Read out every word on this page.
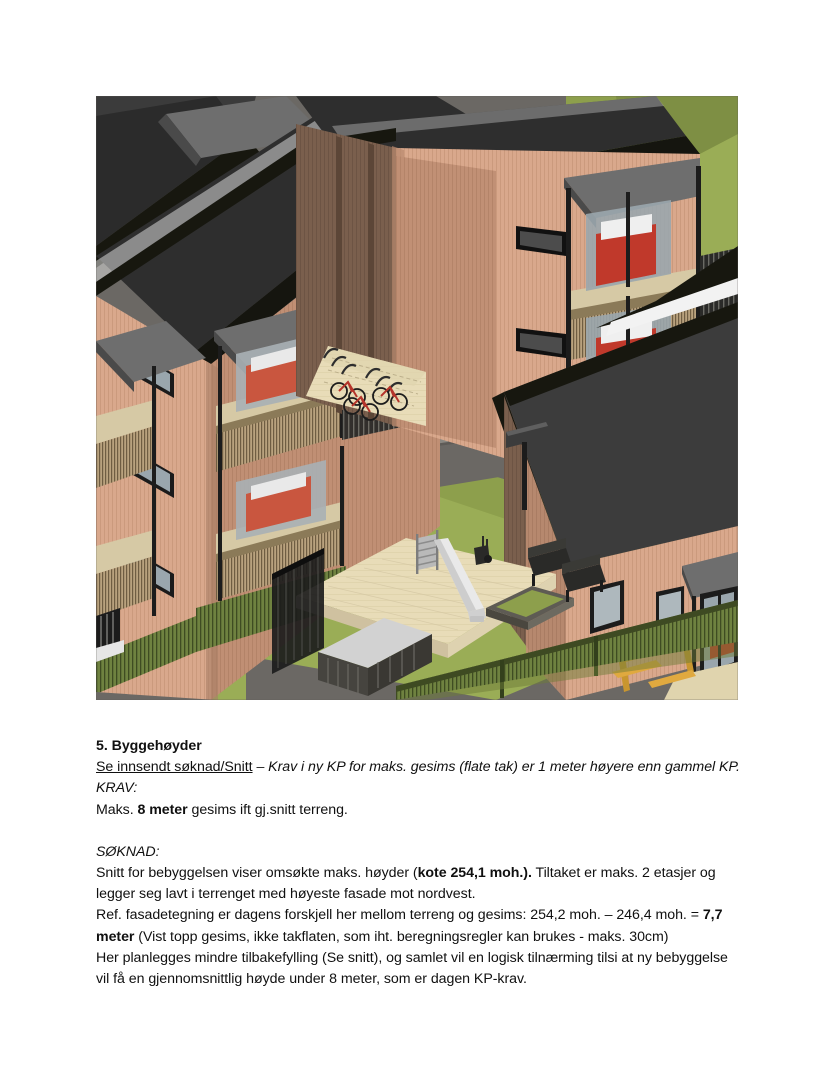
5. Byggehøyder

Se innsendt søknad/Snitt – Krav i ny KP for maks. gesims (flate tak) er 1 meter høyere enn gammel KP.

KRAV:

Maks. 8 meter gesims ift gj.snitt terreng.

SØKNAD:

Snitt for bebyggelsen viser omsøkte maks. høyder (kote 254,1 moh.). Tiltaket er maks. 2 etasjer og legger seg lavt i terrenget med høyeste fasade mot nordvest.

Ref. fasadetegning er dagens forskjell her mellom terreng og gesims: 254,2 moh. – 246,4 moh. = 7,7 meter (Vist topp gesims, ikke takflaten, som iht. beregningsregler kan brukes - maks. 30cm)

Her planlegges mindre tilbakefylling (Se snitt), og samlet vil en logisk tilnærming tilsi at ny bebyggelse vil få en gjennomsnittlig høyde under 8 meter, som er dagen KP-krav.
